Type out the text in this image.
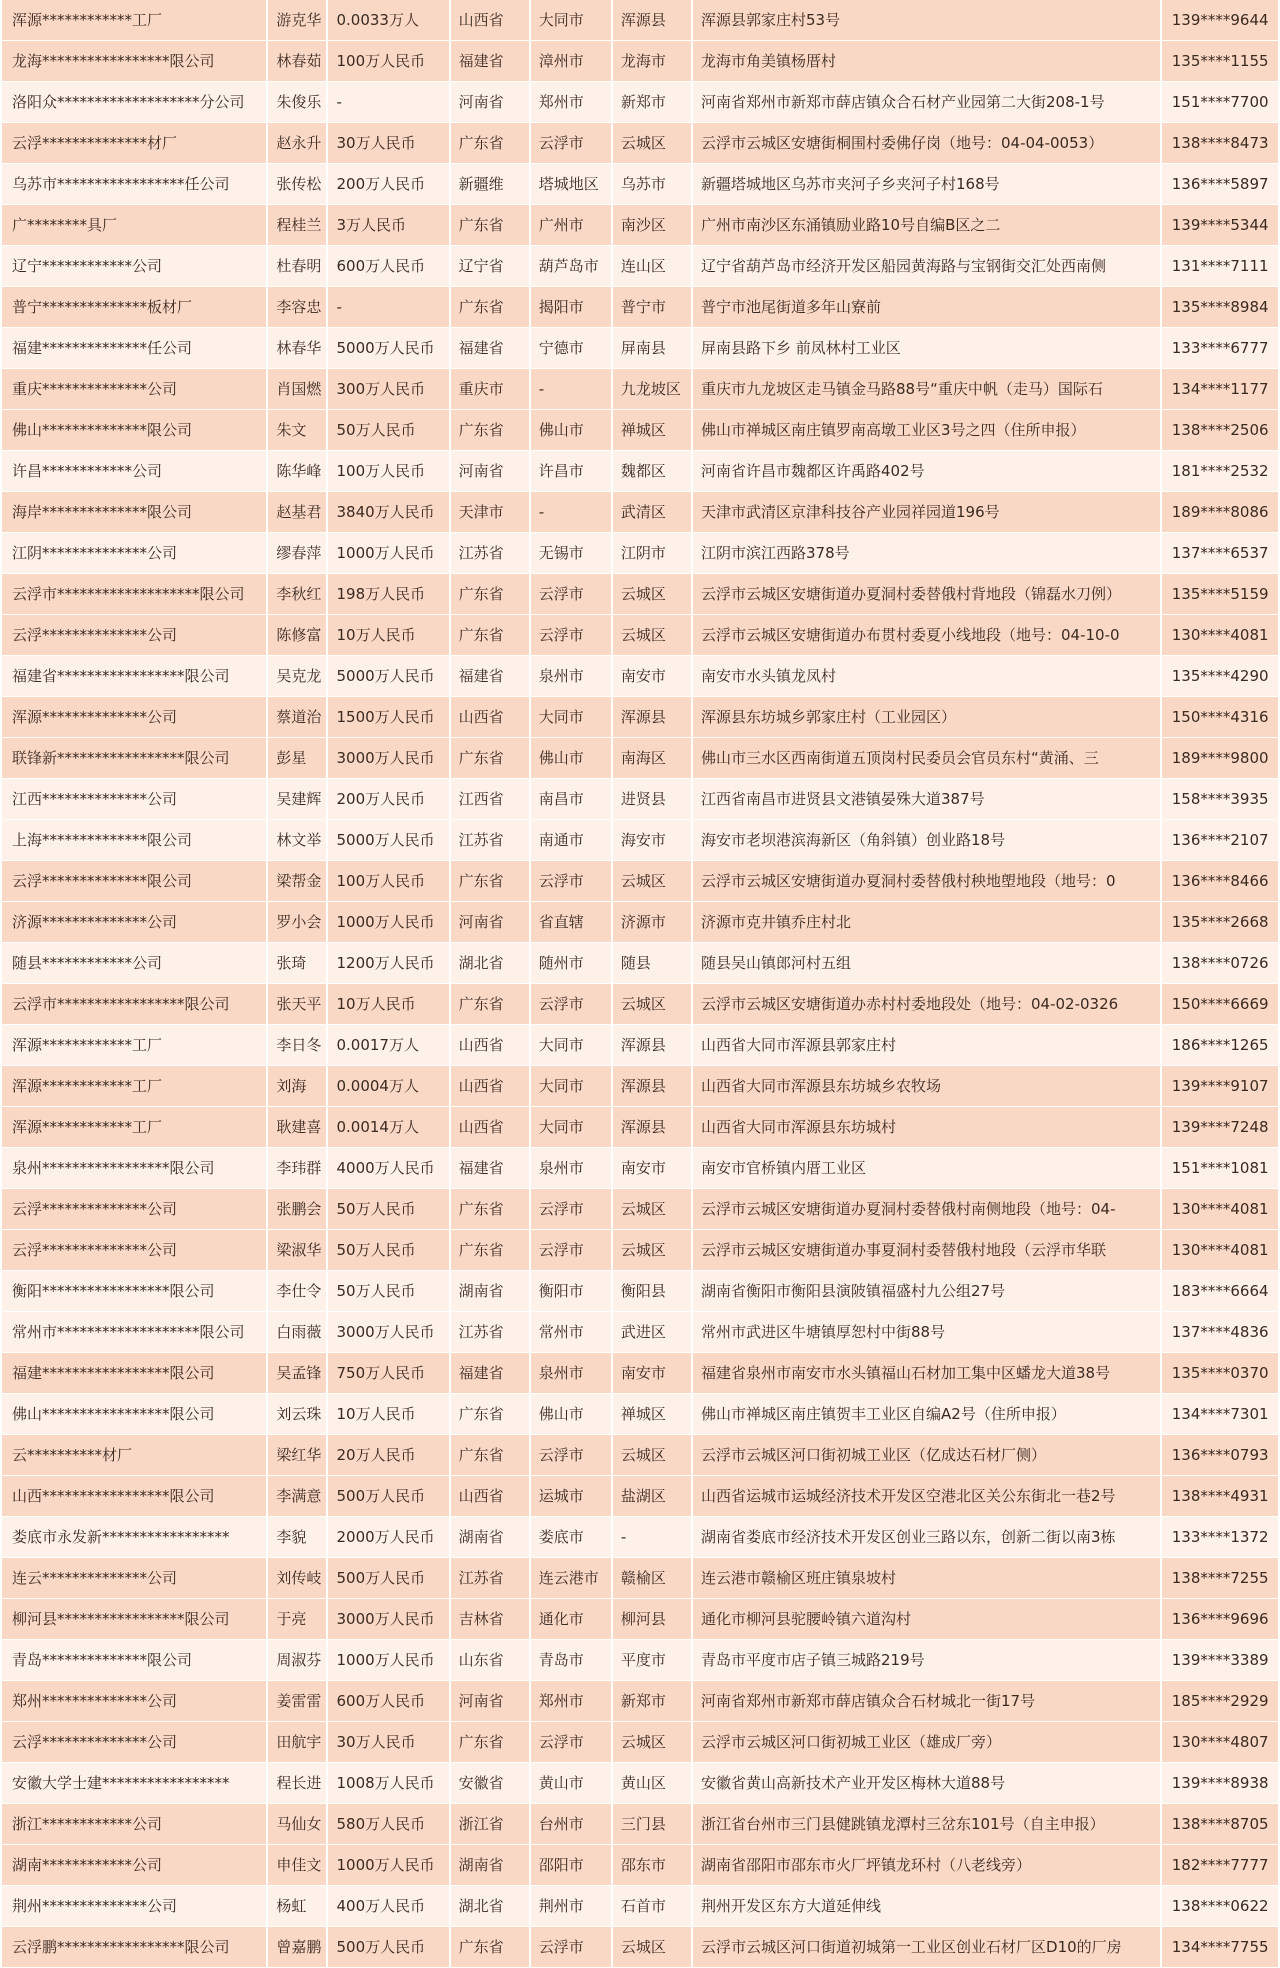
浑源************工厂	游克华	0.0033万人	山西省	大同市	浑源县	浑源县郭家庄村53号	139****9644
龙海*****************限公司	林春茹	100万人民币	福建省	漳州市	龙海市	龙海市角美镇杨厝村	135****1155
洛阳众*******************分公司	朱俊乐	-	河南省	郑州市	新郑市	河南省郑州市新郑市薛店镇众合石材产业园第二大街208-1号	151****7700
云浮**************材厂	赵永升	30万人民币	广东省	云浮市	云城区	云浮市云城区安塘街桐围村委佛仔岗（地号：04-04-0053）	138****8473
乌苏市*****************任公司	张传松	200万人民币	新疆维	塔城地区	乌苏市	新疆塔城地区乌苏市夹河子乡夹河子村168号	136****5897
广********具厂	程桂兰	3万人民币	广东省	广州市	南沙区	广州市南沙区东涌镇励业路10号自编B区之二	139****5344
辽宁************公司	杜春明	600万人民币	辽宁省	葫芦岛市	连山区	辽宁省葫芦岛市经济开发区船园黄海路与宝钢街交汇处西南侧	131****7111
普宁**************板材厂	李容忠	-	广东省	揭阳市	普宁市	普宁市池尾街道多年山寮前	135****8984
福建**************任公司	林春华	5000万人民币	福建省	宁德市	屏南县	屏南县路下乡 前凤林村工业区	133****6777
重庆**************公司	肖国燃	300万人民币	重庆市	-	九龙坡区	重庆市九龙坡区走马镇金马路88号“重庆中帆（走马）国际石	134****1177
佛山**************限公司	朱文	50万人民币	广东省	佛山市	禅城区	佛山市禅城区南庄镇罗南高墩工业区3号之四（住所申报）	138****2506
许昌************公司	陈华峰	100万人民币	河南省	许昌市	魏都区	河南省许昌市魏都区许禹路402号	181****2532
海岸**************限公司	赵基君	3840万人民币	天津市	-	武清区	天津市武清区京津科技谷产业园祥园道196号	189****8086
江阴**************公司	缪春萍	1000万人民币	江苏省	无锡市	江阴市	江阴市滨江西路378号	137****6537
云浮市*******************限公司	李秋红	198万人民币	广东省	云浮市	云城区	云浮市云城区安塘街道办夏洞村委替俄村背地段（锦磊水刀例）	135****5159
云浮**************公司	陈修富	10万人民币	广东省	云浮市	云城区	云浮市云城区安塘街道办布贯村委夏小线地段（地号：04-10-0	130****4081
福建省*****************限公司	吴克龙	5000万人民币	福建省	泉州市	南安市	南安市水头镇龙凤村	135****4290
浑源**************公司	蔡道治	1500万人民币	山西省	大同市	浑源县	浑源县东坊城乡郭家庄村（工业园区）	150****4316
联锋新*****************限公司	彭星	3000万人民币	广东省	佛山市	南海区	佛山市三水区西南街道五顶岗村民委员会官员东村“黄涌、三	189****9800
江西**************公司	吴建辉	200万人民币	江西省	南昌市	进贤县	江西省南昌市进贤县文港镇晏殊大道387号	158****3935
上海**************限公司	林文举	5000万人民币	江苏省	南通市	海安市	海安市老坝港滨海新区（角斜镇）创业路18号	136****2107
云浮**************限公司	梁帮金	100万人民币	广东省	云浮市	云城区	云浮市云城区安塘街道办夏洞村委替俄村秧地塱地段（地号：0	136****8466
济源**************公司	罗小会	1000万人民币	河南省	省直辖	济源市	济源市克井镇乔庄村北	135****2668
随县************公司	张琦	1200万人民币	湖北省	随州市	随县	随县吴山镇郎河村五组	138****0726
云浮市*****************限公司	张天平	10万人民币	广东省	云浮市	云城区	云浮市云城区安塘街道办赤村村委地段处（地号：04-02-0326	150****6669
浑源************工厂	李日冬	0.0017万人	山西省	大同市	浑源县	山西省大同市浑源县郭家庄村	186****1265
浑源************工厂	刘海	0.0004万人	山西省	大同市	浑源县	山西省大同市浑源县东坊城乡农牧场	139****9107
浑源************工厂	耿建喜	0.0014万人	山西省	大同市	浑源县	山西省大同市浑源县东坊城村	139****7248
泉州*****************限公司	李玮群	4000万人民币	福建省	泉州市	南安市	南安市官桥镇内厝工业区	151****1081
云浮**************公司	张鹏会	50万人民币	广东省	云浮市	云城区	云浮市云城区安塘街道办夏洞村委替俄村南侧地段（地号：04-	130****4081
云浮**************公司	梁淑华	50万人民币	广东省	云浮市	云城区	云浮市云城区安塘街道办事夏洞村委替俄村地段（云浮市华联	130****4081
衡阳*****************限公司	李仕令	50万人民币	湖南省	衡阳市	衡阳县	湖南省衡阳市衡阳县演陂镇福盛村九公组27号	183****6664
常州市*******************限公司	白雨薇	3000万人民币	江苏省	常州市	武进区	常州市武进区牛塘镇厚恕村中街88号	137****4836
福建*****************限公司	吴孟锋	750万人民币	福建省	泉州市	南安市	福建省泉州市南安市水头镇福山石材加工集中区蟠龙大道38号	135****0370
佛山*****************限公司	刘云珠	10万人民币	广东省	佛山市	禅城区	佛山市禅城区南庄镇贺丰工业区自编A2号（住所申报）	134****7301
云**********材厂	梁红华	20万人民币	广东省	云浮市	云城区	云浮市云城区河口街初城工业区（亿成达石材厂侧）	136****0793
山西*****************限公司	李满意	500万人民币	山西省	运城市	盐湖区	山西省运城市运城经济技术开发区空港北区关公东街北一巷2号	138****4931
娄底市永发新*****************	李貌	2000万人民币	湖南省	娄底市	-	湖南省娄底市经济技术开发区创业三路以东，创新二街以南3栋	133****1372
连云**************公司	刘传岐	500万人民币	江苏省	连云港市	赣榆区	连云港市赣榆区班庄镇泉坡村	138****7255
柳河县*****************限公司	于亮	3000万人民币	吉林省	通化市	柳河县	通化市柳河县驼腰岭镇六道沟村	136****9696
青岛**************限公司	周淑芬	1000万人民币	山东省	青岛市	平度市	青岛市平度市店子镇三城路219号	139****3389
郑州**************公司	姜雷雷	600万人民币	河南省	郑州市	新郑市	河南省郑州市新郑市薛店镇众合石材城北一街17号	185****2929
云浮**************公司	田航宇	30万人民币	广东省	云浮市	云城区	云浮市云城区河口街初城工业区（雄成厂旁）	130****4807
安徽大学士建*****************	程长进	1008万人民币	安徽省	黄山市	黄山区	安徽省黄山高新技术产业开发区梅林大道88号	139****8938
浙江************公司	马仙女	580万人民币	浙江省	台州市	三门县	浙江省台州市三门县健跳镇龙潭村三岔东101号（自主申报）	138****8705
湖南************公司	申佳文	1000万人民币	湖南省	邵阳市	邵东市	湖南省邵阳市邵东市火厂坪镇龙环村（八老线旁）	182****7777
荆州**************公司	杨虹	400万人民币	湖北省	荆州市	石首市	荆州开发区东方大道延伸线	138****0622
云浮鹏*****************限公司	曾嘉鹏	500万人民币	广东省	云浮市	云城区	云浮市云城区河口街道初城第一工业区创业石材厂区D10的厂房	134****7755
